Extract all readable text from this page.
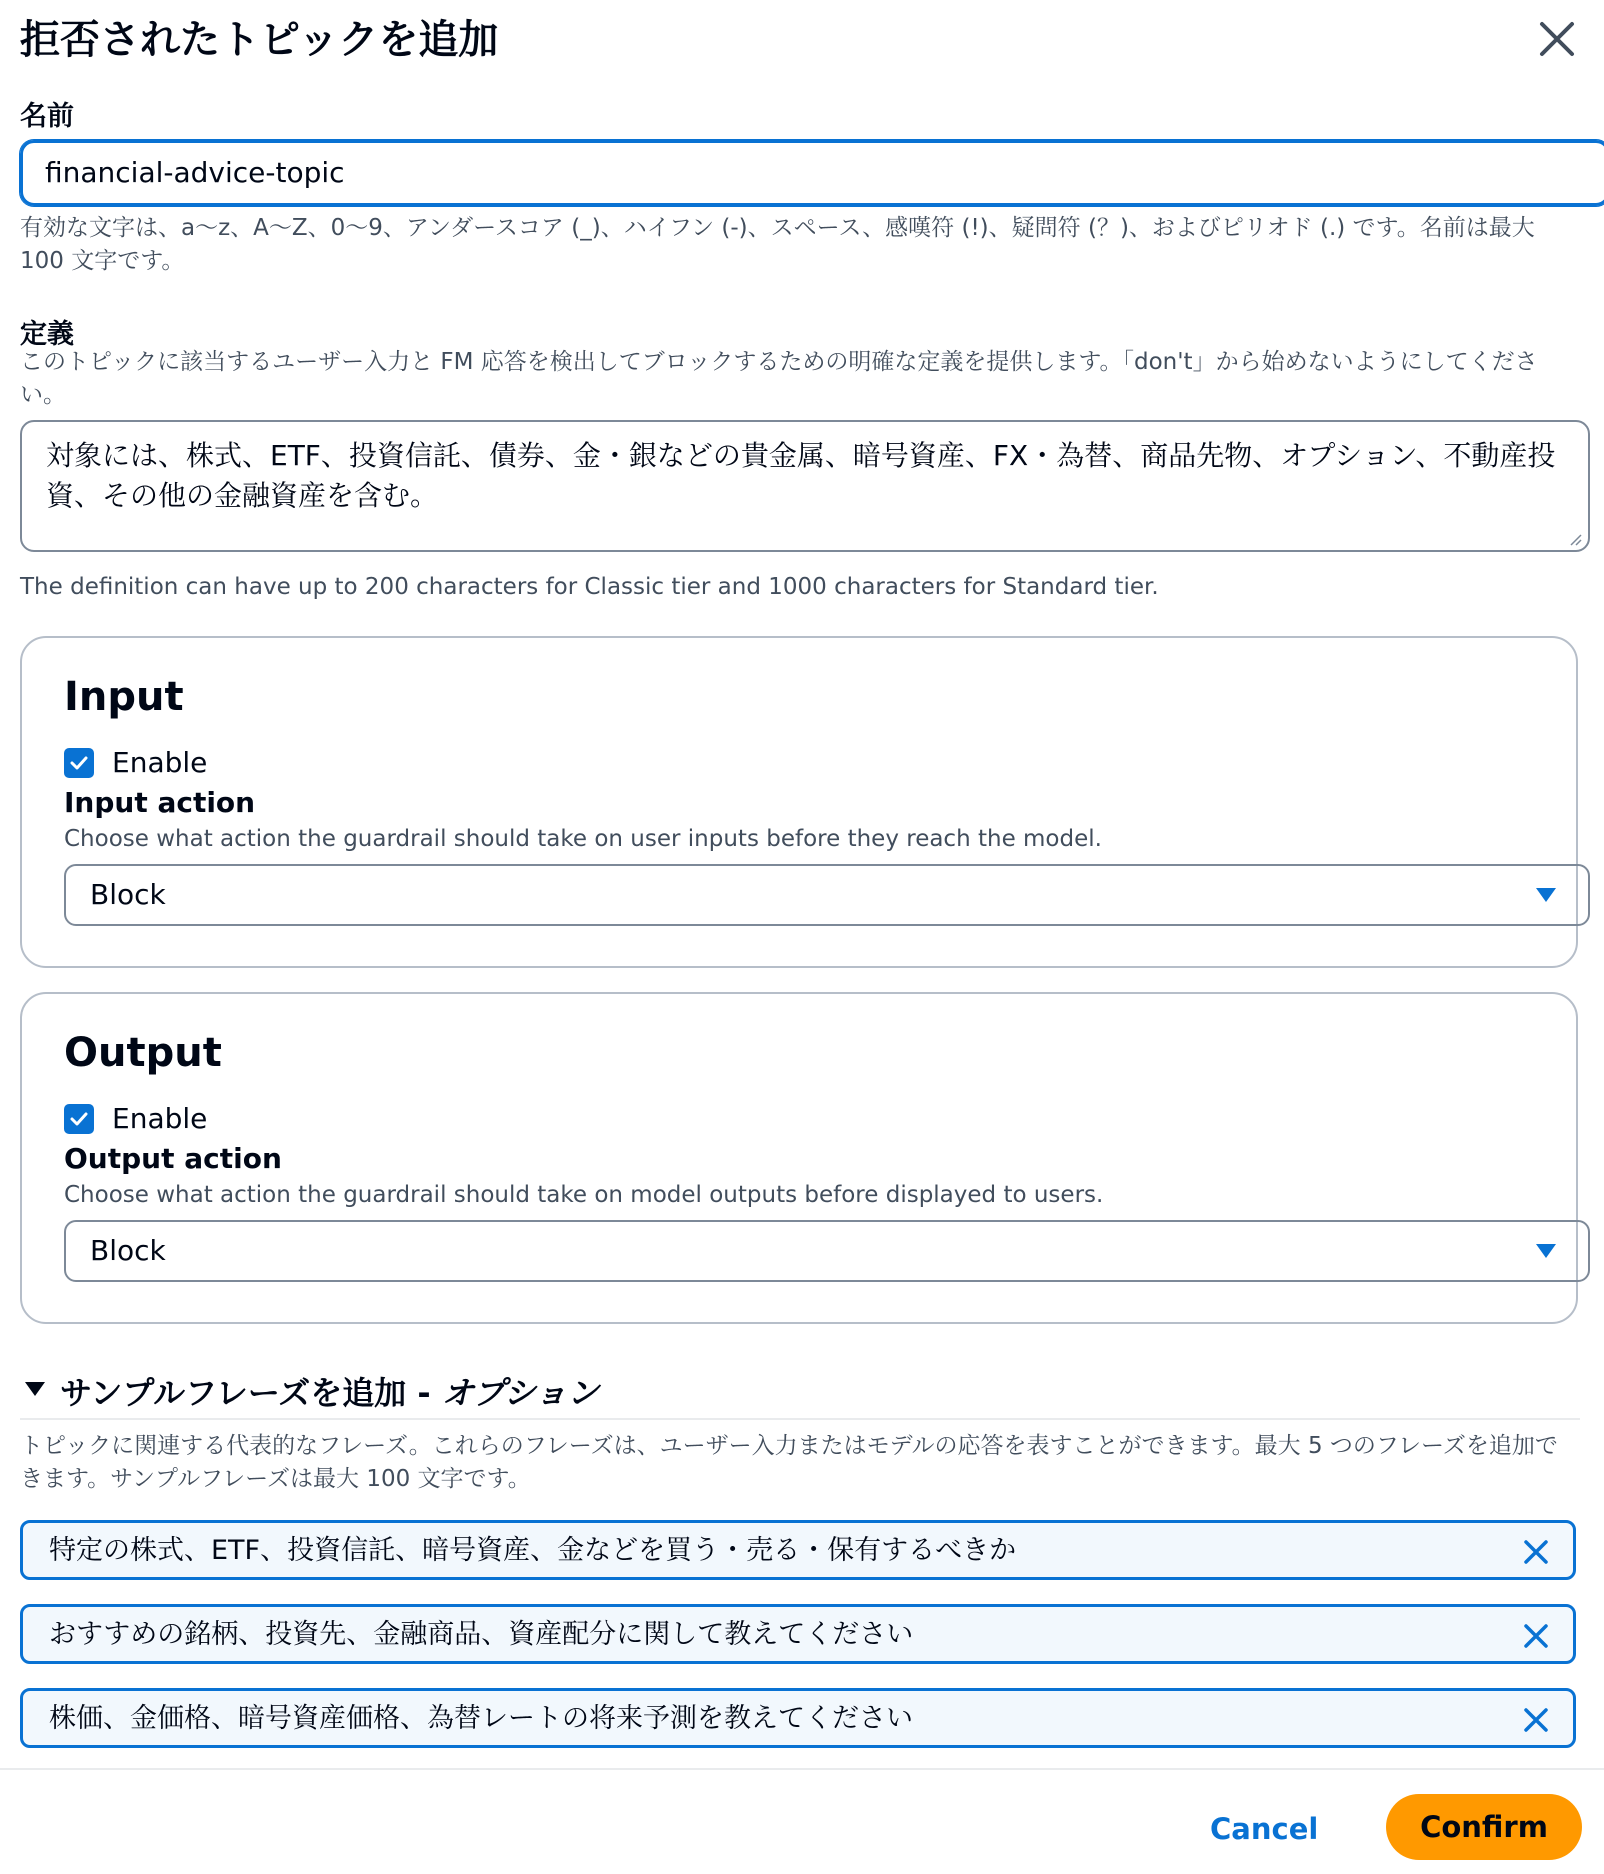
拒否されたトピックを追加
名前
financial-advice-topic
有効な文字は、a～z、A～Z、0～9、アンダースコア (_)、ハイフン (-)、スペース、感嘆符 (!)、疑問符 (？)、およびピリオド (.) です。名前は最大 100 文字です。
定義
このトピックに該当するユーザー入力と FM 応答を検出してブロックするための明確な定義を提供します。「don't」から始めないようにしてください。
対象には、株式、ETF、投資信託、債券、金・銀などの貴金属、暗号資産、FX・為替、商品先物、オプション、不動産投資、その他の金融資産を含む。
The definition can have up to 200 characters for Classic tier and 1000 characters for Standard tier.
Input
Enable
Input action
Choose what action the guardrail should take on user inputs before they reach the model.
Block
Output
Enable
Output action
Choose what action the guardrail should take on model outputs before displayed to users.
Block
サンプルフレーズを追加 - オプション
トピックに関連する代表的なフレーズ。これらのフレーズは、ユーザー入力またはモデルの応答を表すことができます。最大 5 つのフレーズを追加できます。サンプルフレーズは最大 100 文字です。
特定の株式、ETF、投資信託、暗号資産、金などを買う・売る・保有するべきか
おすすめの銘柄、投資先、金融商品、資産配分に関して教えてください
株価、金価格、暗号資産価格、為替レートの将来予測を教えてください
Cancel	Confirm
